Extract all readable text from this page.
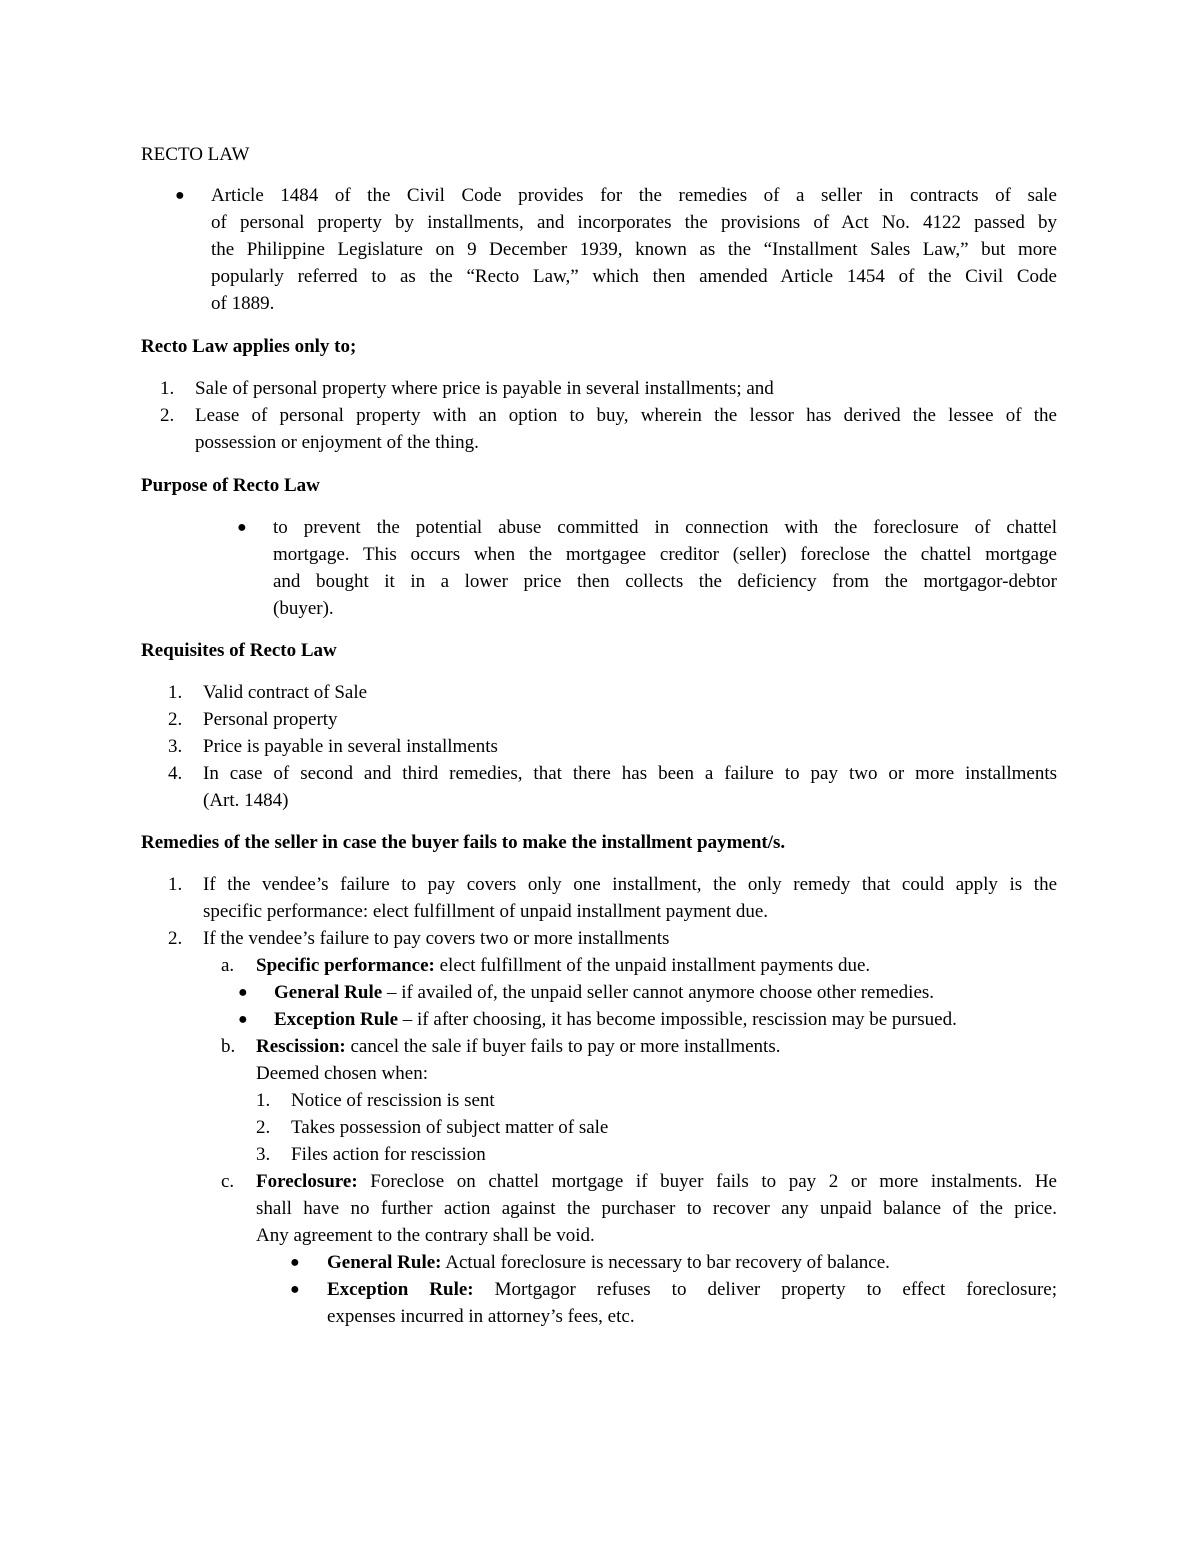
RECTO LAW
● Article 1484 of the Civil Code provides for the remedies of a seller in contracts of sale
of personal property by installments, and incorporates the provisions of Act No. 4122 passed by
the Philippine Legislature on 9 December 1939, known as the “Installment Sales Law,” but more
popularly referred to as the “Recto Law,” which then amended Article 1454 of the Civil Code
of 1889.
Recto Law applies only to;
1. Sale of personal property where price is payable in several installments; and
2. Lease of personal property with an option to buy, wherein the lessor has derived the lessee of the
possession or enjoyment of the thing.
Purpose of Recto Law
● to prevent the potential abuse committed in connection with the foreclosure of chattel
mortgage. This occurs when the mortgagee creditor (seller) foreclose the chattel mortgage
and bought it in a lower price then collects the deficiency from the mortgagor-debtor
(buyer).
Requisites of Recto Law
1. Valid contract of Sale
2. Personal property
3. Price is payable in several installments
4. In case of second and third remedies, that there has been a failure to pay two or more installments
(Art. 1484)
Remedies of the seller in case the buyer fails to make the installment payment/s.
1. If the vendee’s failure to pay covers only one installment, the only remedy that could apply is the
specific performance: elect fulfillment of unpaid installment payment due.
2. If the vendee’s failure to pay covers two or more installments
a. Specific performance: elect fulfillment of the unpaid installment payments due.
● General Rule – if availed of, the unpaid seller cannot anymore choose other remedies.
● Exception Rule – if after choosing, it has become impossible, rescission may be pursued.
b. Rescission: cancel the sale if buyer fails to pay or more installments.
Deemed chosen when:
1. Notice of rescission is sent
2. Takes possession of subject matter of sale
3. Files action for rescission
c. Foreclosure: Foreclose on chattel mortgage if buyer fails to pay 2 or more instalments. He
shall have no further action against the purchaser to recover any unpaid balance of the price.
Any agreement to the contrary shall be void.
● General Rule: Actual foreclosure is necessary to bar recovery of balance.
● Exception Rule: Mortgagor refuses to deliver property to effect foreclosure;
expenses incurred in attorney’s fees, etc.
